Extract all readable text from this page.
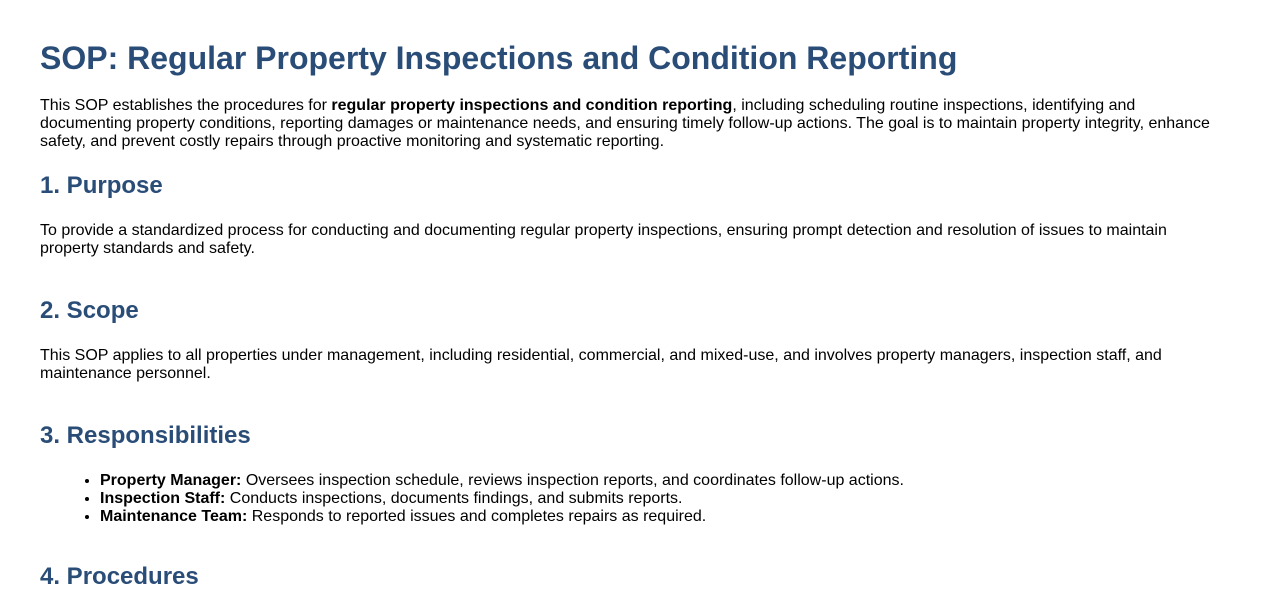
SOP: Regular Property Inspections and Condition Reporting

This SOP establishes the procedures for regular property inspections and condition reporting, including scheduling routine inspections, identifying and documenting property conditions, reporting damages or maintenance needs, and ensuring timely follow-up actions. The goal is to maintain property integrity, enhance safety, and prevent costly repairs through proactive monitoring and systematic reporting.

1. Purpose

To provide a standardized process for conducting and documenting regular property inspections, ensuring prompt detection and resolution of issues to maintain property standards and safety.

2. Scope

This SOP applies to all properties under management, including residential, commercial, and mixed-use, and involves property managers, inspection staff, and maintenance personnel.

3. Responsibilities
• Property Manager: Oversees inspection schedule, reviews inspection reports, and coordinates follow-up actions.
• Inspection Staff: Conducts inspections, documents findings, and submits reports.
• Maintenance Team: Responds to reported issues and completes repairs as required.
4. Procedures
